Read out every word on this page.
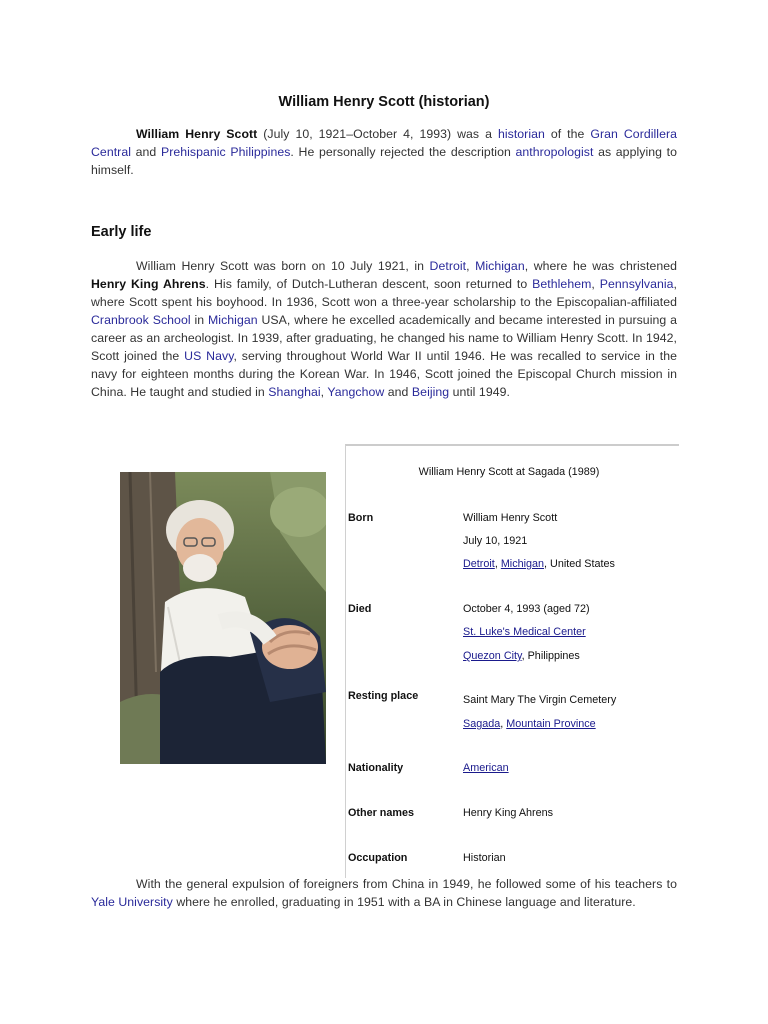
William Henry Scott (historian)

William Henry Scott (July 10, 1921–October 4, 1993) was a historian of the Gran Cordillera Central and Prehispanic Philippines. He personally rejected the description anthropologist as applying to himself.

Early life

William Henry Scott was born on 10 July 1921, in Detroit, Michigan, where he was christened Henry King Ahrens. His family, of Dutch-Lutheran descent, soon returned to Bethlehem, Pennsylvania, where Scott spent his boyhood. In 1936, Scott won a three-year scholarship to the Episcopalian-affiliated Cranbrook School in Michigan USA, where he excelled academically and became interested in pursuing a career as an archeologist. In 1939, after graduating, he changed his name to William Henry Scott. In 1942, Scott joined the US Navy, serving throughout World War II until 1946. He was recalled to service in the navy for eighteen months during the Korean War. In 1946, Scott joined the Episcopal Church mission in China. He taught and studied in Shanghai, Yangchow and Beijing until 1949.

William Henry Scott at Sagada (1989)
Born	William Henry Scott
July 10, 1921
Detroit, Michigan, United States
Died	October 4, 1993 (aged 72)
St. Luke's Medical Center
Quezon City, Philippines
Resting place	Saint Mary The Virgin Cemetery
Sagada, Mountain Province
Nationality	American
Other names	Henry King Ahrens
Occupation	Historian

With the general expulsion of foreigners from China in 1949, he followed some of his teachers to Yale University where he enrolled, graduating in 1951 with a BA in Chinese language and literature.
